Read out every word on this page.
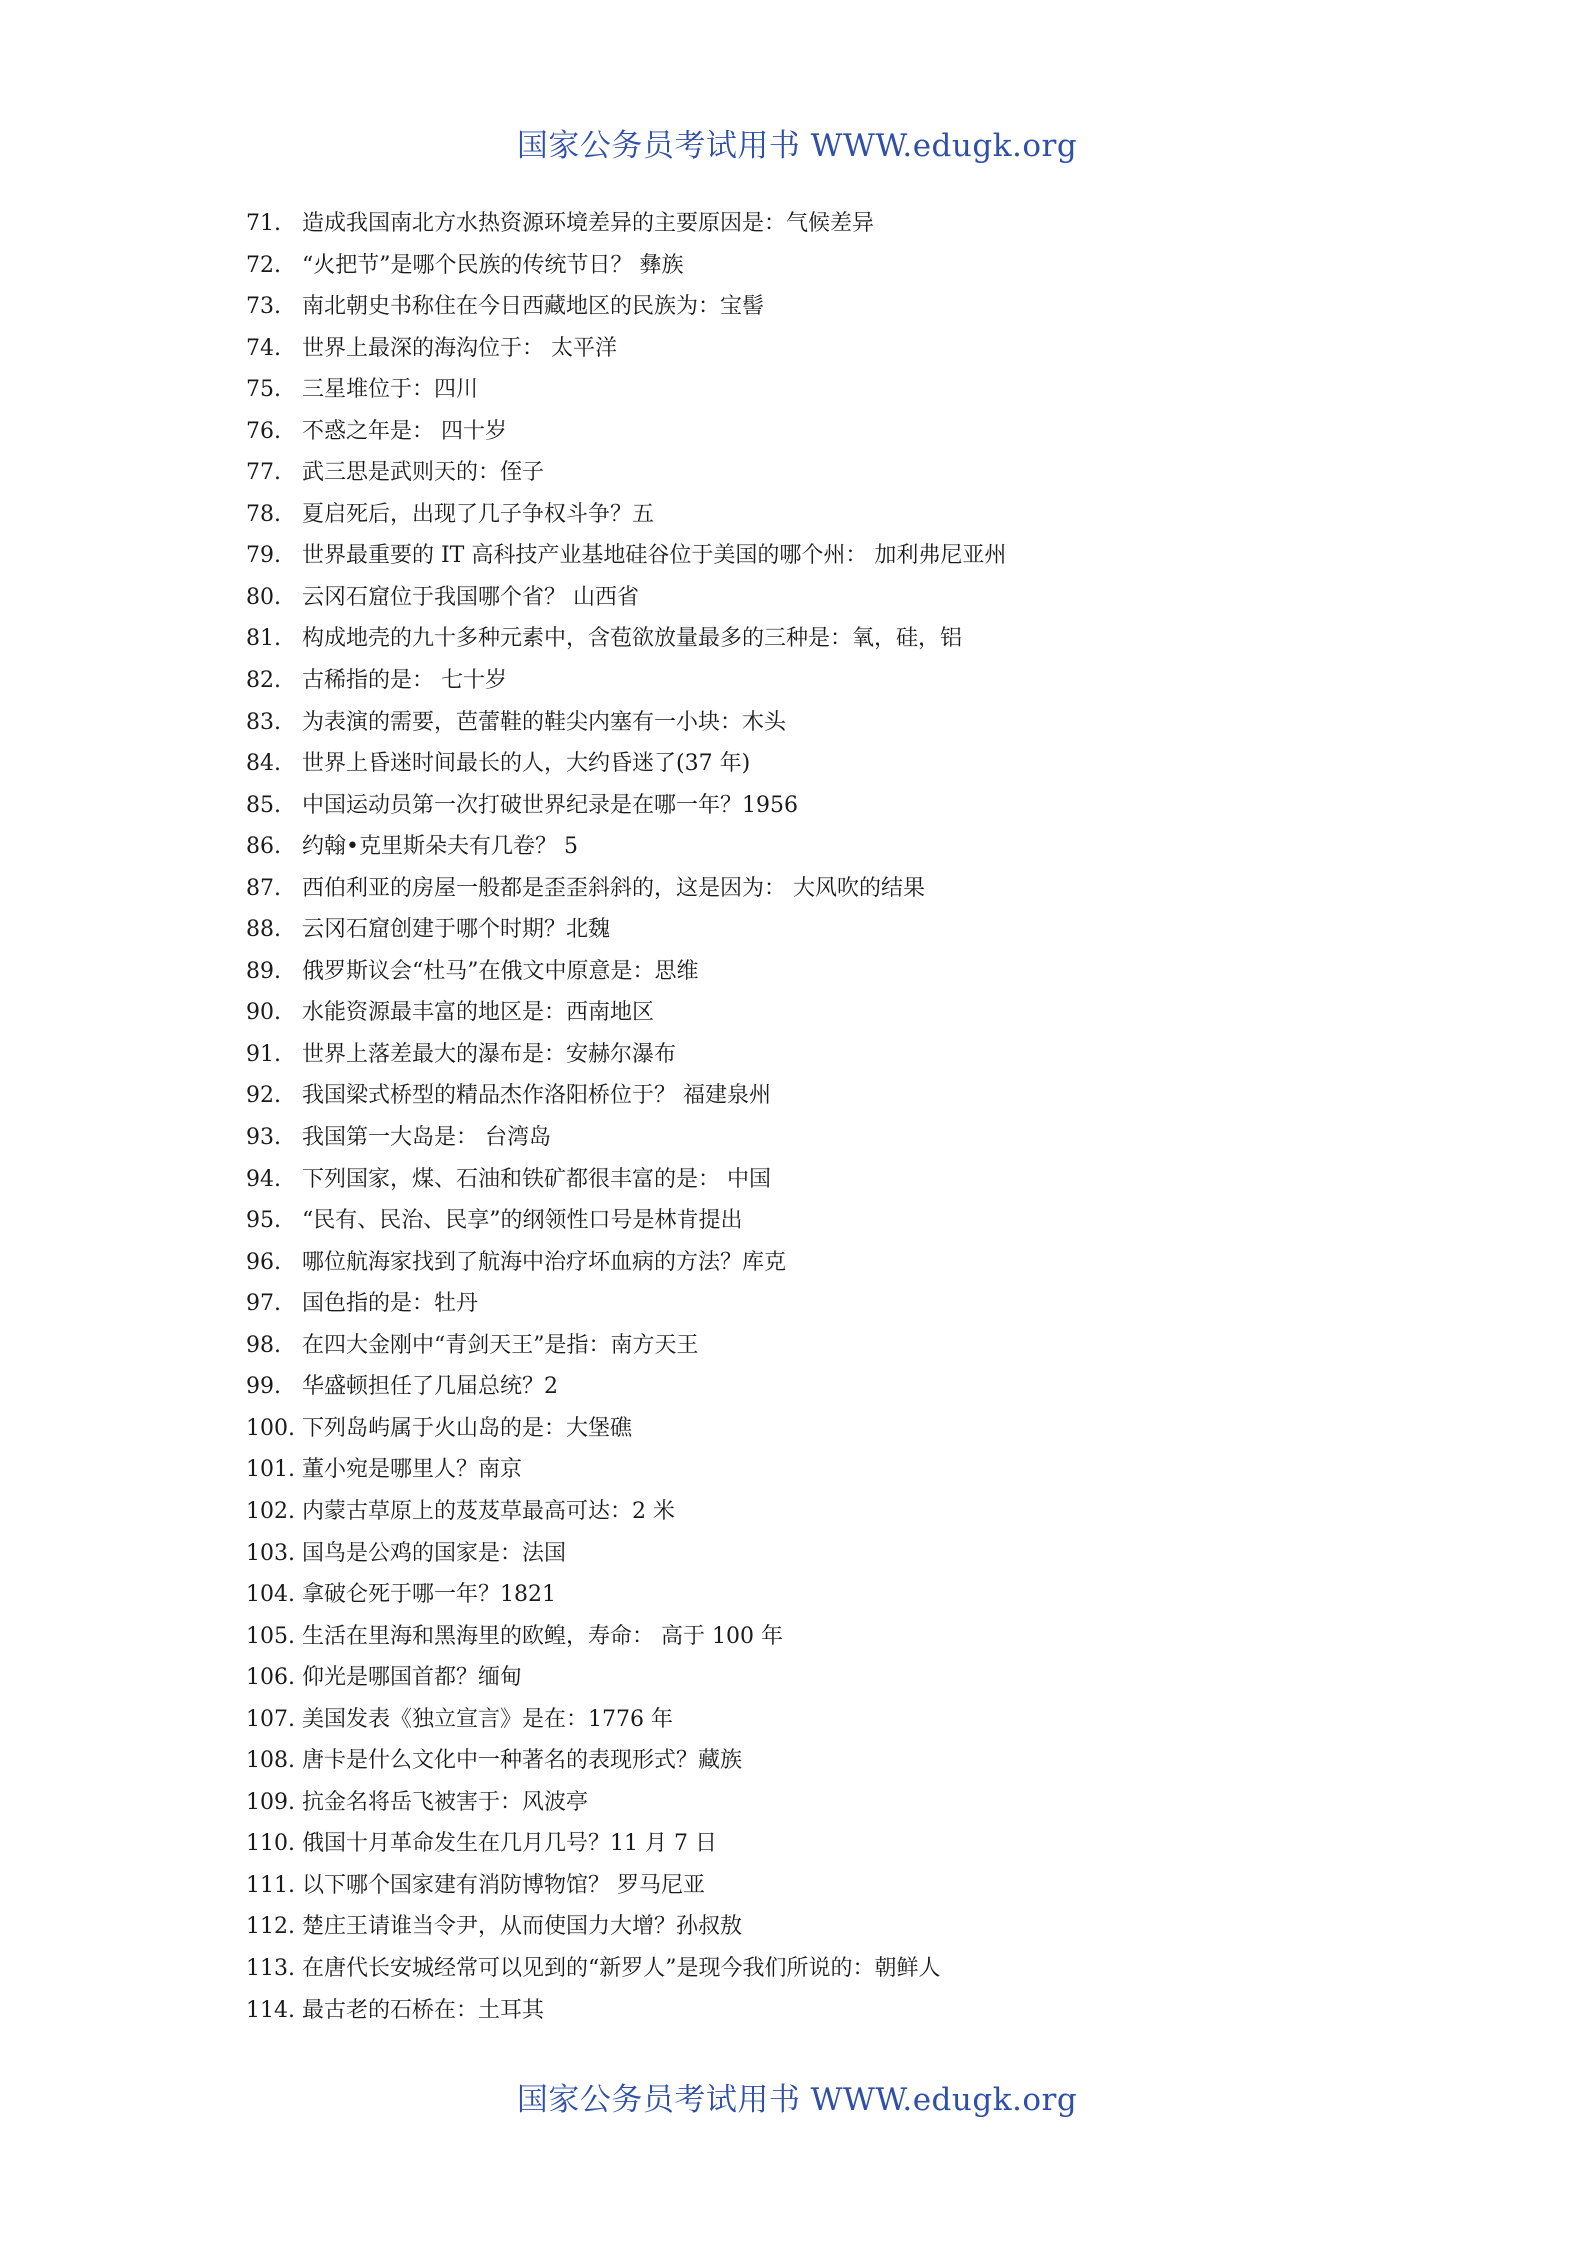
国家公务员考试用书 WWW.edugk.org
71. 造成我国南北方水热资源环境差异的主要原因是：气候差异
72. “火把节”是哪个民族的传统节日？ 彝族
73. 南北朝史书称住在今日西藏地区的民族为：宝髻
74. 世界上最深的海沟位于： 太平洋
75. 三星堆位于：四川
76. 不惑之年是： 四十岁
77. 武三思是武则天的：侄子
78. 夏启死后，出现了几子争权斗争？五
79. 世界最重要的 IT 高科技产业基地硅谷位于美国的哪个州： 加利弗尼亚州
80. 云冈石窟位于我国哪个省？ 山西省
81. 构成地壳的九十多种元素中，含苞欲放量最多的三种是：氧，硅，铝
82. 古稀指的是： 七十岁
83. 为表演的需要，芭蕾鞋的鞋尖内塞有一小块：木头
84. 世界上昏迷时间最长的人，大约昏迷了(37 年)
85. 中国运动员第一次打破世界纪录是在哪一年？1956
86. 约翰•克里斯朵夫有几卷？ 5
87. 西伯利亚的房屋一般都是歪歪斜斜的，这是因为： 大风吹的结果
88. 云冈石窟创建于哪个时期？北魏
89. 俄罗斯议会“杜马”在俄文中原意是：思维
90. 水能资源最丰富的地区是：西南地区
91. 世界上落差最大的瀑布是：安赫尔瀑布
92. 我国梁式桥型的精品杰作洛阳桥位于？ 福建泉州
93. 我国第一大岛是： 台湾岛
94. 下列国家，煤、石油和铁矿都很丰富的是： 中国
95. “民有、民治、民享”的纲领性口号是林肯提出
96. 哪位航海家找到了航海中治疗坏血病的方法？库克
97. 国色指的是：牡丹
98. 在四大金刚中“青剑天王”是指：南方天王
99. 华盛顿担任了几届总统？2
100. 下列岛屿属于火山岛的是：大堡礁
101. 董小宛是哪里人？南京
102. 内蒙古草原上的芨芨草最高可达：2 米
103. 国鸟是公鸡的国家是：法国
104. 拿破仑死于哪一年？1821
105. 生活在里海和黑海里的欧鳇，寿命： 高于 100 年
106. 仰光是哪国首都？缅甸
107. 美国发表《独立宣言》是在：1776 年
108. 唐卡是什么文化中一种著名的表现形式？藏族
109. 抗金名将岳飞被害于：风波亭
110. 俄国十月革命发生在几月几号？11 月 7 日
111. 以下哪个国家建有消防博物馆？ 罗马尼亚
112. 楚庄王请谁当令尹，从而使国力大增？孙叔敖
113. 在唐代长安城经常可以见到的“新罗人”是现今我们所说的：朝鲜人
114. 最古老的石桥在：土耳其
国家公务员考试用书 WWW.edugk.org
